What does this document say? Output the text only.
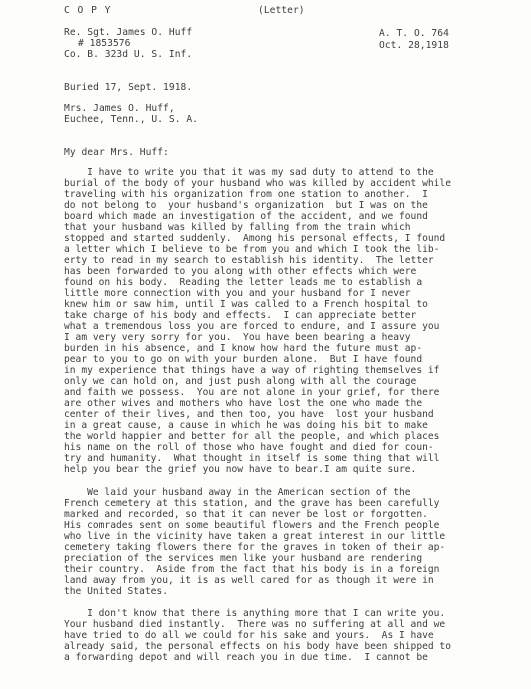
C O P Y	(Letter)
Re. Sgt. James O. Huff
# 1853576
Co. B. 323d U. S. Inf.
A. T. O. 764
Oct. 28,1918
Buried 17, Sept. 1918.
Mrs. James O. Huff,
Euchee, Tenn., U. S. A.
My dear Mrs. Huff:
I have to write you that it was my sad duty to attend to the
burial of the body of your husband who was killed by accident while
traveling with his organization from one station to another.  I
do not belong to  your husband's organization  but I was on the
board which made an investigation of the accident, and we found
that your husband was killed by falling from the train which
stopped and started suddenly.  Among his personal effects, I found
a letter which I believe to be from you and which I took the lib-
erty to read in my search to establish his identity.  The letter
has been forwarded to you along with other effects which were
found on his body.  Reading the letter leads me to establish a
little more connection with you and your husband for I never
knew him or saw him, until I was called to a French hospital to
take charge of his body and effects.  I can appreciate better
what a tremendous loss you are forced to endure, and I assure you
I am very very sorry for you.  You have been bearing a heavy
burden in his absence, and I know how hard the future must ap-
pear to you to go on with your burden alone.  But I have found
in my experience that things have a way of righting themselves if
only we can hold on, and just push along with all the courage
and faith we possess.  You are not alone in your grief, for there
are other wives and mothers who have lost the one who made the
center of their lives, and then too, you have  lost your husband
in a great cause, a cause in which he was doing his bit to make
the world happier and better for all the people, and which places
his name on the roll of those who have fought and died for coun-
try and humanity.  What thought in itself is some thing that will
help you bear the grief you now have to bear.I am quite sure.
We laid your husband away in the American section of the
French cemetery at this station, and the grave has been carefully
marked and recorded, so that it can never be lost or forgotten.
His comrades sent on some beautiful flowers and the French people
who live in the vicinity have taken a great interest in our little
cemetery taking flowers there for the graves in token of their ap-
preciation of the services men like your husband are rendering
their country.  Aside from the fact that his body is in a foreign
land away from you, it is as well cared for as though it were in
the United States.
I don't know that there is anything more that I can write you.
Your husband died instantly.  There was no suffering at all and we
have tried to do all we could for his sake and yours.  As I have
already said, the personal effects on his body have been shipped to
a forwarding depot and will reach you in due time.  I cannot be
